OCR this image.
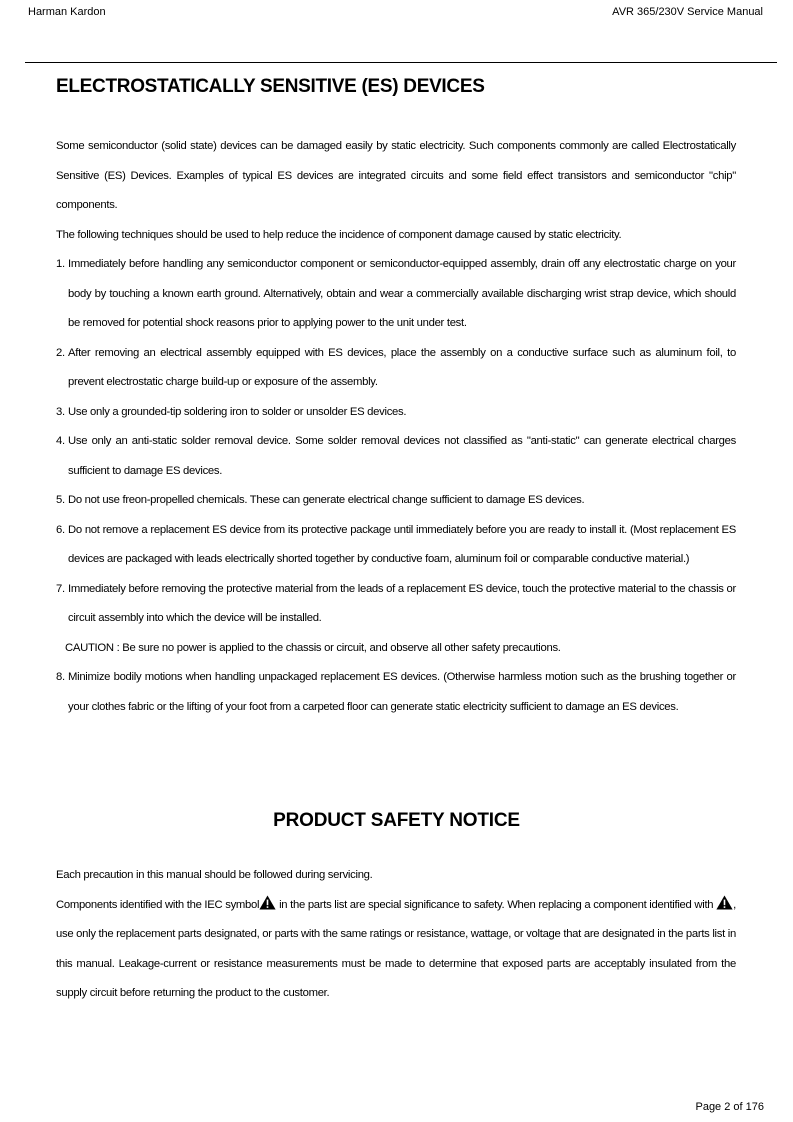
Harman Kardon	AVR 365/230V Service Manual
ELECTROSTATICALLY SENSITIVE (ES) DEVICES

Some semiconductor (solid state) devices can be damaged easily by static electricity. Such components commonly are called Electrostatically Sensitive (ES) Devices. Examples of typical ES devices are integrated circuits and some field effect transistors and semiconductor "chip" components.

The following techniques should be used to help reduce the incidence of component damage caused by static electricity.

1. Immediately before handling any semiconductor component or semiconductor-equipped assembly, drain off any electrostatic charge on your body by touching a known earth ground. Alternatively, obtain and wear a commercially available discharging wrist strap device, which should be removed for potential shock reasons prior to applying power to the unit under test.

2. After removing an electrical assembly equipped with ES devices, place the assembly on a conductive surface such as aluminum foil, to prevent electrostatic charge build-up or exposure of the assembly.

3. Use only a grounded-tip soldering iron to solder or unsolder ES devices.

4. Use only an anti-static solder removal device. Some solder removal devices not classified as "anti-static" can generate electrical charges sufficient to damage ES devices.

5. Do not use freon-propelled chemicals. These can generate electrical change sufficient to damage ES devices.

6. Do not remove a replacement ES device from its protective package until immediately before you are ready to install it. (Most replacement ES devices are packaged with leads electrically shorted together by conductive foam, aluminum foil or comparable conductive material.)

7. Immediately before removing the protective material from the leads of a replacement ES device, touch the protective material to the chassis or circuit assembly into which the device will be installed.

CAUTION : Be sure no power is applied to the chassis or circuit, and observe all other safety precautions.

8. Minimize bodily motions when handling unpackaged replacement ES devices. (Otherwise harmless motion such as the brushing together or your clothes fabric or the lifting of your foot from a carpeted floor can generate static electricity sufficient to damage an ES devices.

PRODUCT SAFETY NOTICE

Each precaution in this manual should be followed during servicing.

Components identified with the IEC symbol in the parts list are special significance to safety. When replacing a component identified with , use only the replacement parts designated, or parts with the same ratings or resistance, wattage, or voltage that are designated in the parts list in this manual. Leakage-current or resistance measurements must be made to determine that exposed parts are acceptably insulated from the supply circuit before returning the product to the customer.

Page 2 of 176
